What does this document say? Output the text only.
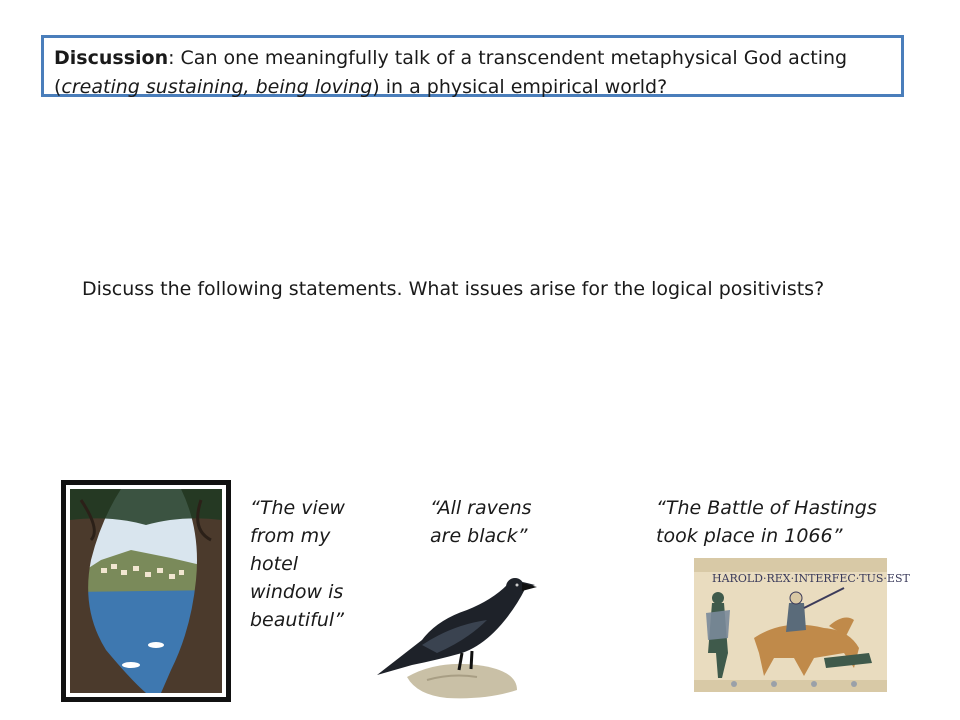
Discussion: Can one meaningfully talk of a transcendent metaphysical God acting (creating sustaining, being loving) in a physical empirical world?
Discuss the following statements. What issues arise for the logical positivists?
“The view from my hotel window is beautiful”
“All ravens are black”
“The Battle of Hastings took place in 1066”
HAROLD·REX·INTERFEC·TUS·EST
